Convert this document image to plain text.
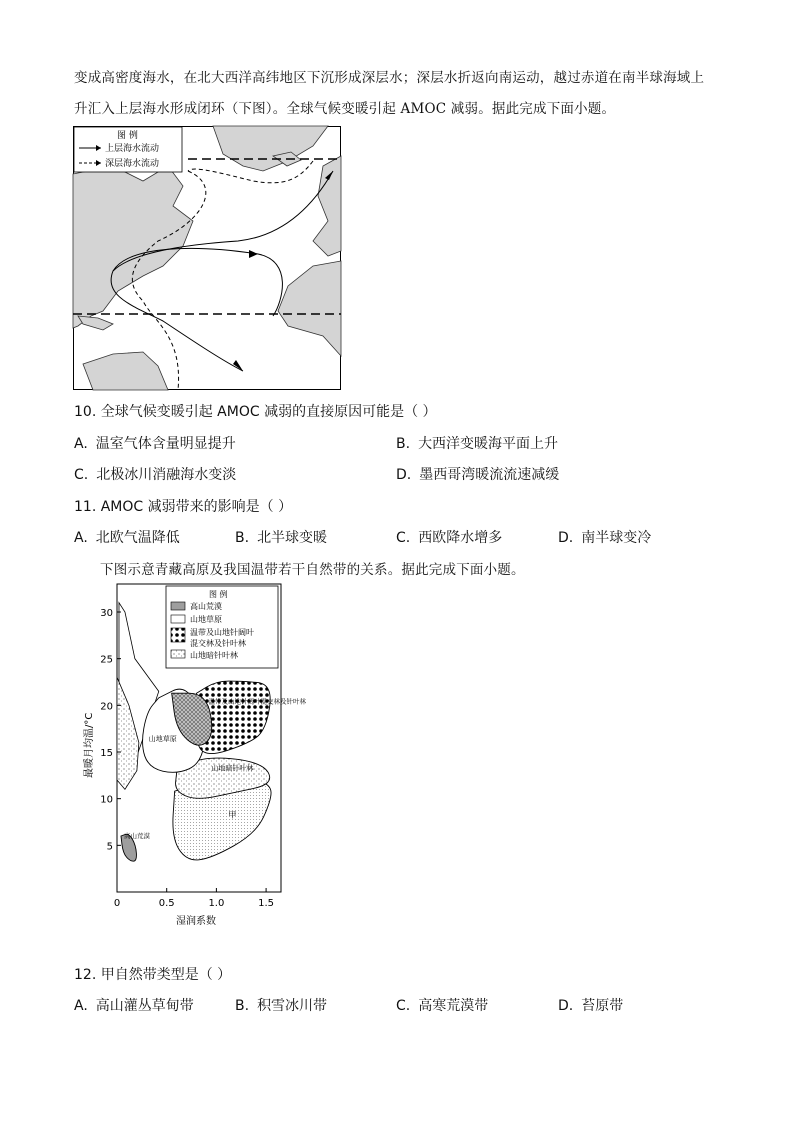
变成高密度海水，在北大西洋高纬地区下沉形成深层水；深层水折返向南运动，越过赤道在南半球海域上
升汇入上层海水形成闭环（下图）。全球气候变暖引起 AMOC 减弱。据此完成下面小题。
图 例
上层海水流动
深层海水流动
10. 全球气候变暖引起 AMOC 减弱的直接原因可能是（ ）
A. 温室气体含量明显提升	B. 大西洋变暖海平面上升
C. 北极冰川消融海水变淡	D. 墨西哥湾暖流流速减缓
11. AMOC 减弱带来的影响是（ ）
A. 北欧气温降低	B. 北半球变暖	C. 西欧降水增多	D. 南半球变冷
下图示意青藏高原及我国温带若干自然带的关系。据此完成下面小题。
温带及山地针阔叶混交林及针叶林
山地草原
山地暗针叶林
甲
高山荒漠
图 例
高山荒漠
山地草原
温带及山地针阔叶
混交林及针叶林
山地暗针叶林
5
10
15
20
25
30
0	0.5	1.0	1.5
湿润系数
最暖月均温/°C
12. 甲自然带类型是（ ）
A. 高山灌丛草甸带	B. 积雪冰川带	C. 高寒荒漠带	D. 苔原带
